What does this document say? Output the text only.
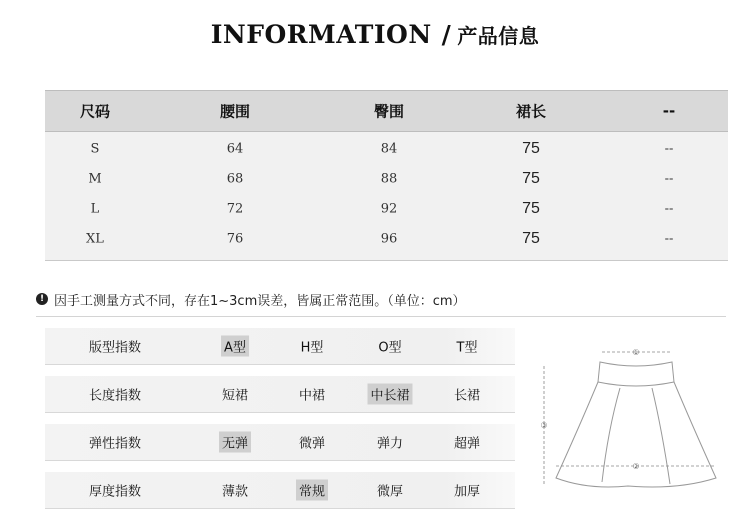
INFORMATION / 产品信息
尺码	腰围	臀围	裙长	--
S	64	84	75	--
M	68	88	75	--
L	72	92	75	--
XL	76	96	75	--
! 因手工测量方式不同，存在1~3cm误差，皆属正常范围。（单位：cm）
版型指数	A型	H型	O型	T型
长度指数	短裙	中裙	中长裙	长裙
弹性指数	无弹	微弹	弹力	超弹
厚度指数	薄款	常规	微厚	加厚
①
③
②
